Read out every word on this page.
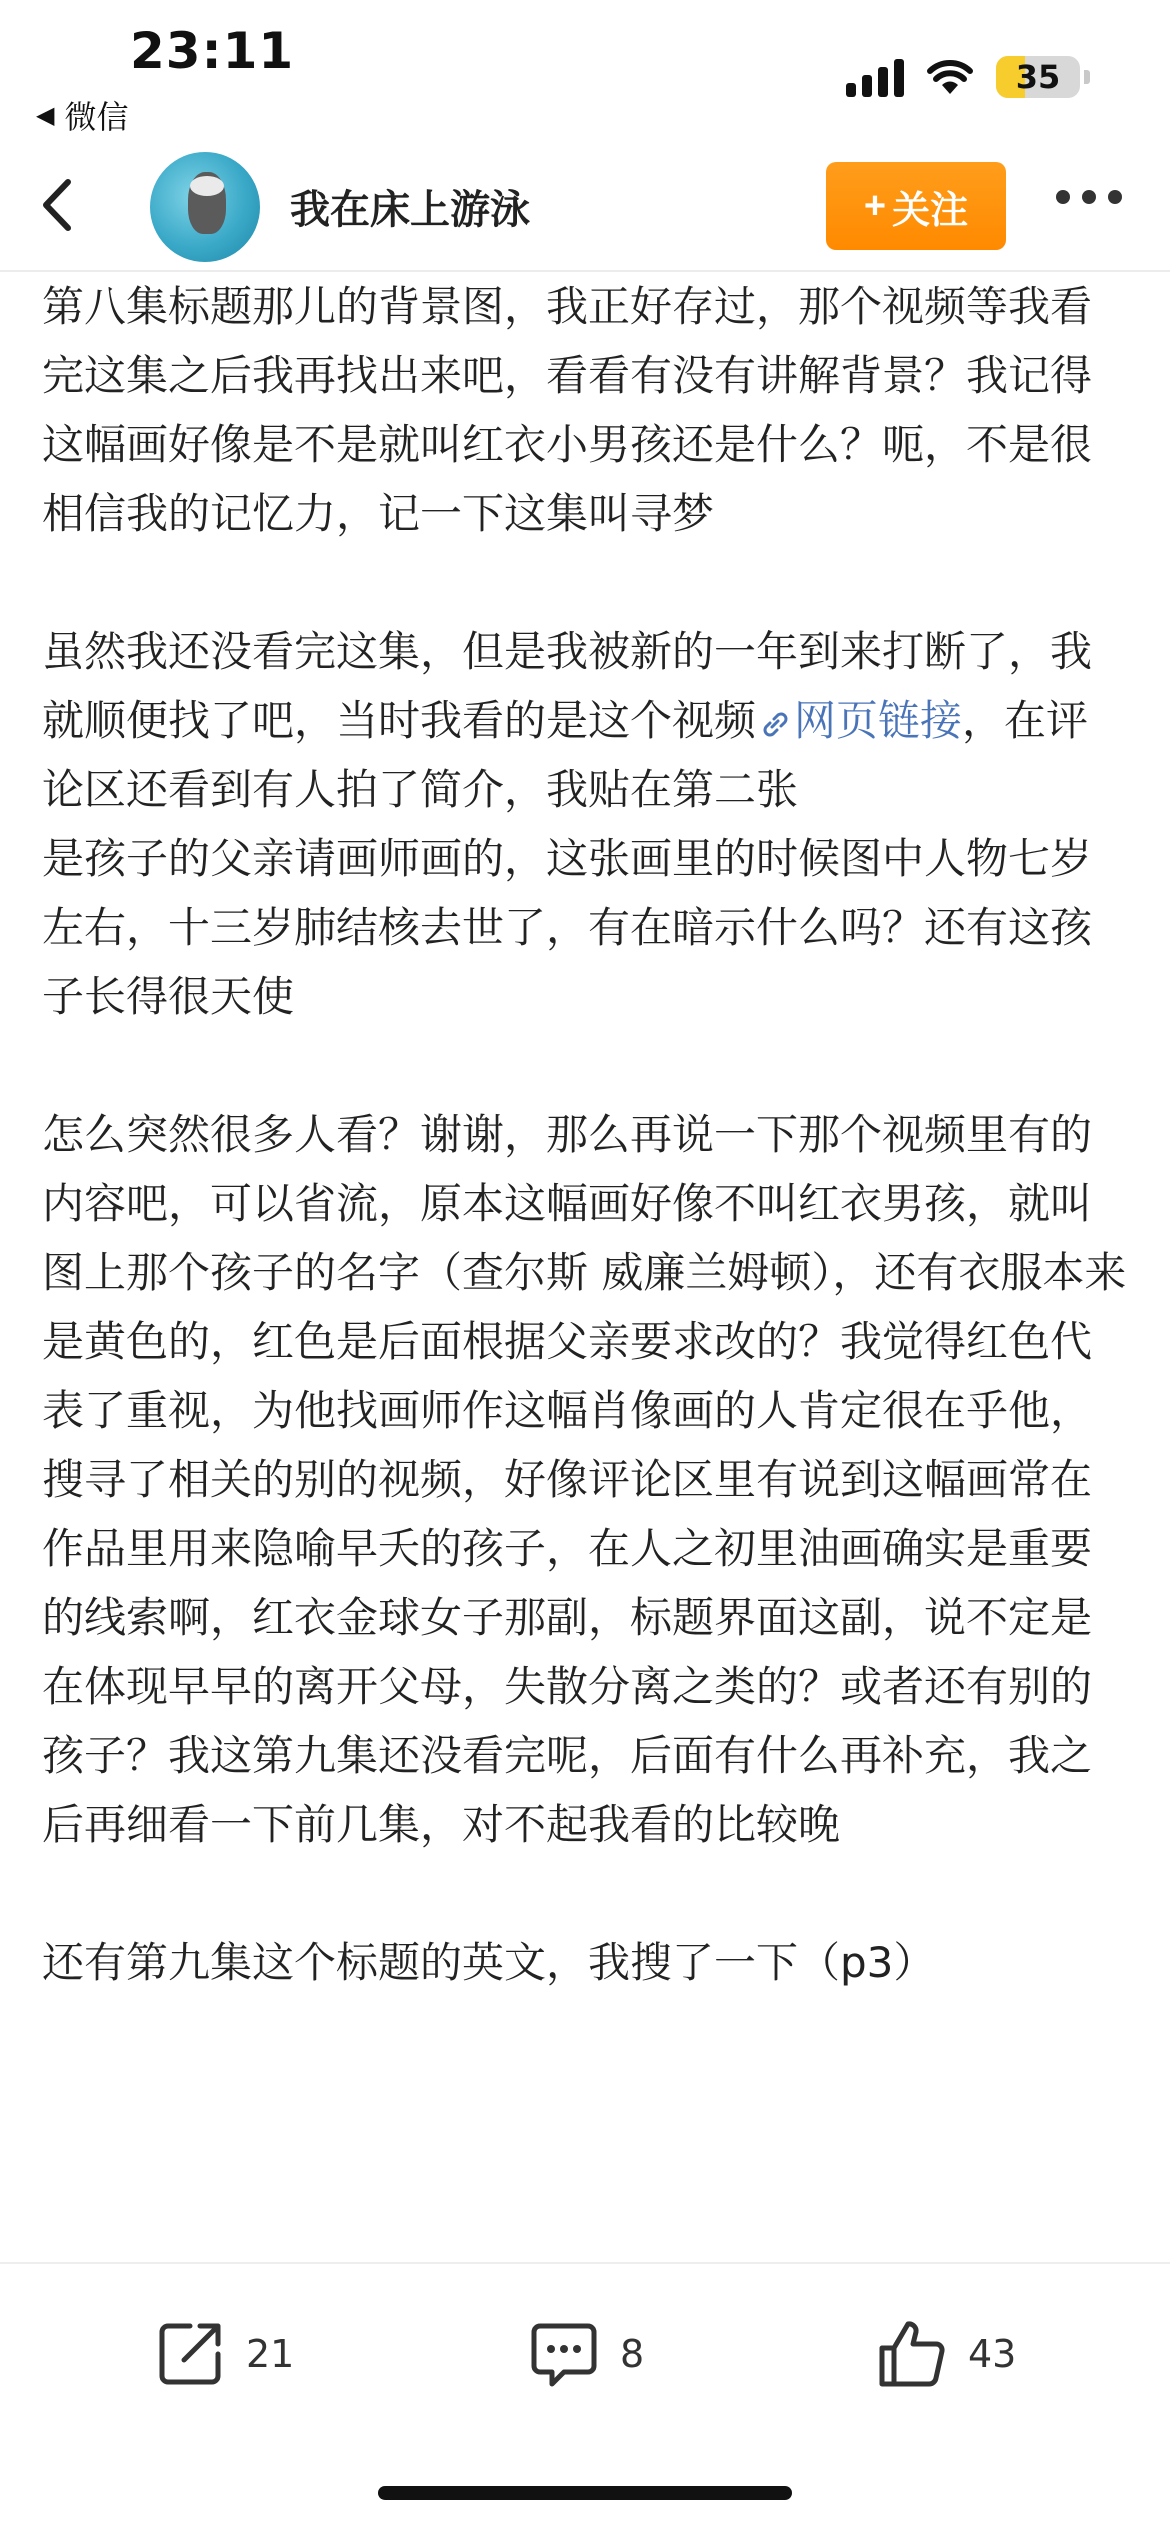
23:11
◀ 微信
35
我在床上游泳	+ 关注

第八集标题那儿的背景图，我正好存过，那个视频等我看完这集之后我再找出来吧，看看有没有讲解背景？我记得这幅画好像是不是就叫红衣小男孩还是什么？呃，不是很相信我的记忆力，记一下这集叫寻梦

虽然我还没看完这集，但是我被新的一年到来打断了，我就顺便找了吧，当时我看的是这个视频 网页链接，在评论区还看到有人拍了简介，我贴在第二张

是孩子的父亲请画师画的，这张画里的时候图中人物七岁左右，十三岁肺结核去世了，有在暗示什么吗？还有这孩子长得很天使

怎么突然很多人看？谢谢，那么再说一下那个视频里有的内容吧，可以省流，原本这幅画好像不叫红衣男孩，就叫图上那个孩子的名字（查尔斯 威廉兰姆顿），还有衣服本来是黄色的，红色是后面根据父亲要求改的？我觉得红色代表了重视，为他找画师作这幅肖像画的人肯定很在乎他，搜寻了相关的别的视频，好像评论区里有说到这幅画常在作品里用来隐喻早夭的孩子，在人之初里油画确实是重要的线索啊，红衣金球女子那副，标题界面这副，说不定是在体现早早的离开父母，失散分离之类的？或者还有别的孩子？我这第九集还没看完呢，后面有什么再补充，我之后再细看一下前几集，对不起我看的比较晚

还有第九集这个标题的英文，我搜了一下（p3）

21	8	43
